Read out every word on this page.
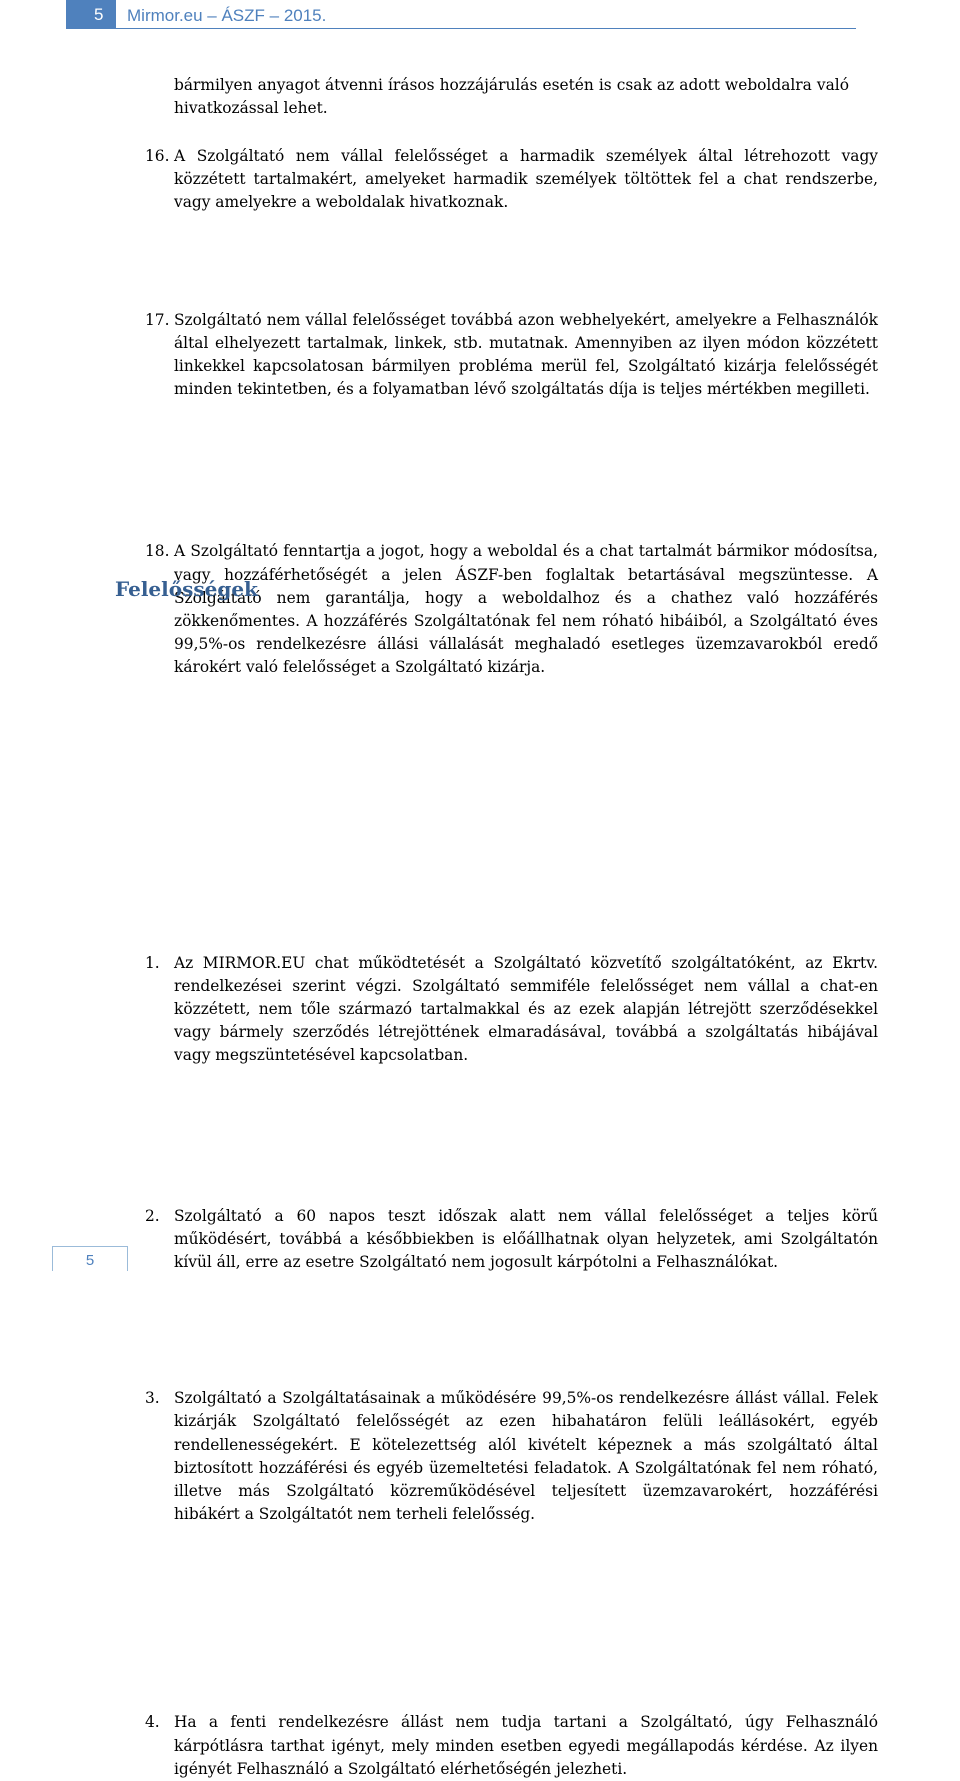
5	Mirmor.eu – ÁSZF – 2015.

bármilyen anyagot átvenni írásos hozzájárulás esetén is csak az adott weboldalra való hivatkozással lehet.

16. A Szolgáltató nem vállal felelősséget a harmadik személyek által létrehozott vagy közzétett tartalmakért, amelyeket harmadik személyek töltöttek fel a chat rendszerbe, vagy amelyekre a weboldalak hivatkoznak.

17. Szolgáltató nem vállal felelősséget továbbá azon webhelyekért, amelyekre a Felhasználók által elhelyezett tartalmak, linkek, stb. mutatnak. Amennyiben az ilyen módon közzétett linkekkel kapcsolatosan bármilyen probléma merül fel, Szolgáltató kizárja felelősségét minden tekintetben, és a folyamatban lévő szolgáltatás díja is teljes mértékben megilleti.

18. A Szolgáltató fenntartja a jogot, hogy a weboldal és a chat tartalmát bármikor módosítsa, vagy hozzáférhetőségét a jelen ÁSZF-ben foglaltak betartásával megszüntesse. A Szolgáltató nem garantálja, hogy a weboldalhoz és a chathez való hozzáférés zökkenőmentes. A hozzáférés Szolgáltatónak fel nem róható hibáiból, a Szolgáltató éves 99,5%-os rendelkezésre állási vállalását meghaladó esetleges üzemzavarokból eredő károkért való felelősséget a Szolgáltató kizárja.

Felelősségek
1. Az MIRMOR.EU chat működtetését a Szolgáltató közvetítő szolgáltatóként, az Ekrtv. rendelkezései szerint végzi. Szolgáltató semmiféle felelősséget nem vállal a chat-en közzétett, nem tőle származó tartalmakkal és az ezek alapján létrejött szerződésekkel vagy bármely szerződés létrejöttének elmaradásával, továbbá a szolgáltatás hibájával vagy megszüntetésével kapcsolatban.

2. Szolgáltató a 60 napos teszt időszak alatt nem vállal felelősséget a teljes körű működésért, továbbá a későbbiekben is előállhatnak olyan helyzetek, ami Szolgáltatón kívül áll, erre az esetre Szolgáltató nem jogosult kárpótolni a Felhasználókat.

3. Szolgáltató a Szolgáltatásainak a működésére 99,5%-os rendelkezésre állást vállal. Felek kizárják Szolgáltató felelősségét az ezen hibahatáron felüli leállásokért, egyéb rendellenességekért. E kötelezettség alól kivételt képeznek a más szolgáltató által biztosított hozzáférési és egyéb üzemeltetési feladatok. A Szolgáltatónak fel nem róható, illetve más Szolgáltató közreműködésével teljesített üzemzavarokért, hozzáférési hibákért a Szolgáltatót nem terheli felelősség.

4. Ha a fenti rendelkezésre állást nem tudja tartani a Szolgáltató, úgy Felhasználó kárpótlásra tarthat igényt, mely minden esetben egyedi megállapodás kérdése. Az ilyen igényét Felhasználó a Szolgáltató elérhetőségén jelezheti.

5
